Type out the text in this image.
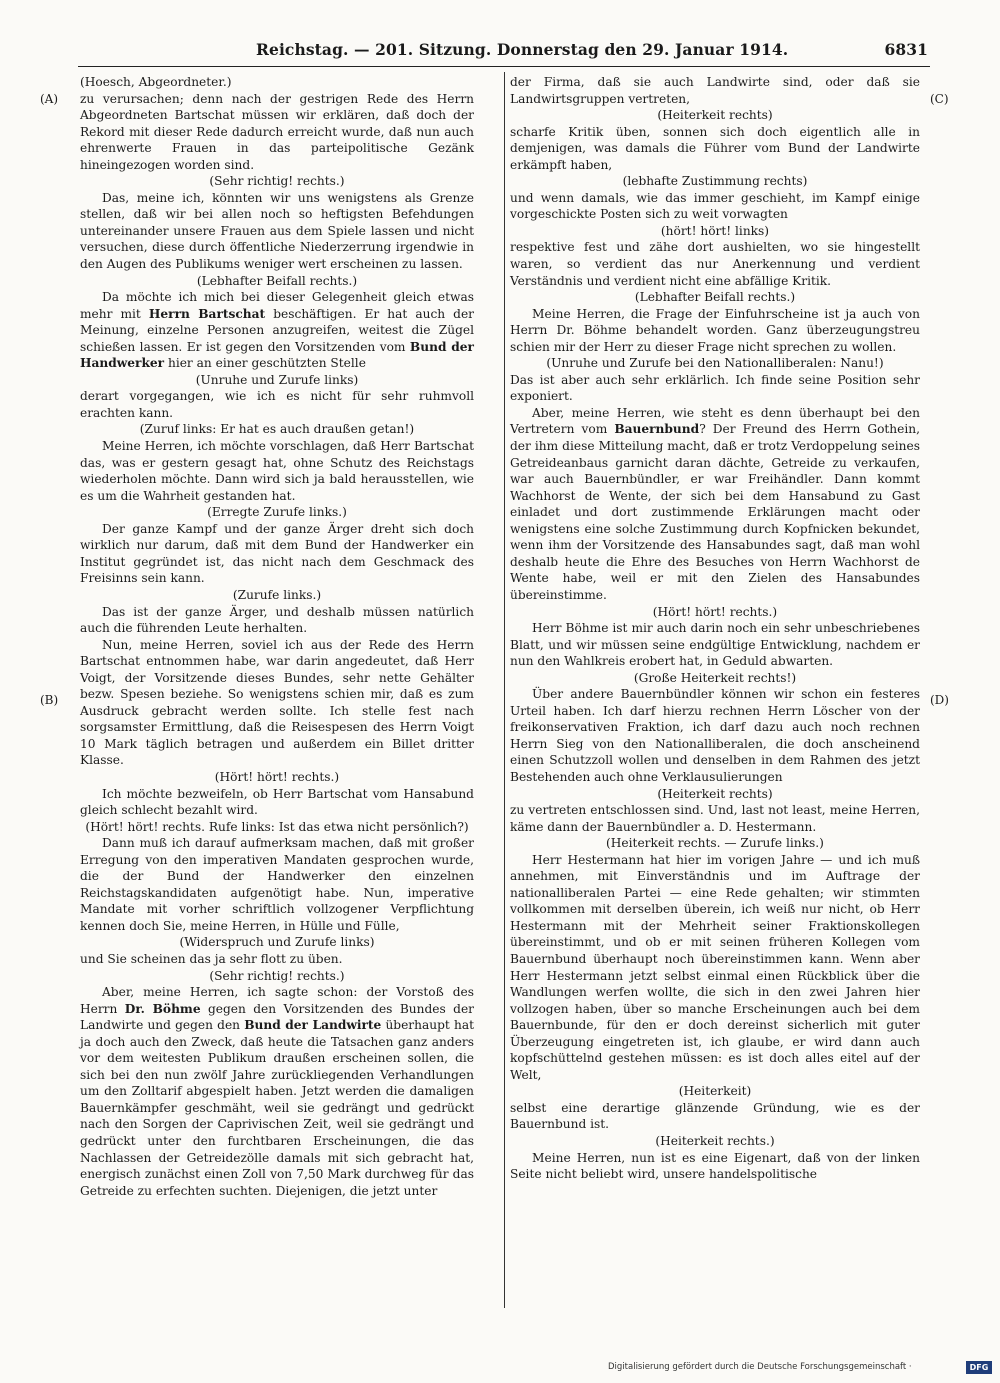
Reichstag. — 201. Sitzung. Donnerstag den 29. Januar 1914.	6831
(A)
(B)
(C)
(D)

(Hoesch, Abgeordneter.)

zu verursachen; denn nach der gestrigen Rede des Herrn Abgeordneten Bartschat müssen wir erklären, daß doch der Rekord mit dieser Rede dadurch erreicht wurde, daß nun auch ehrenwerte Frauen in das parteipolitische Gezänk hineingezogen worden sind.

(Sehr richtig! rechts.)

Das, meine ich, könnten wir uns wenigstens als Grenze stellen, daß wir bei allen noch so heftigsten Befehdungen untereinander unsere Frauen aus dem Spiele lassen und nicht versuchen, diese durch öffentliche Niederzerrung irgendwie in den Augen des Publikums weniger wert erscheinen zu lassen.

(Lebhafter Beifall rechts.)

Da möchte ich mich bei dieser Gelegenheit gleich etwas mehr mit Herrn Bartschat beschäftigen. Er hat auch der Meinung, einzelne Personen anzugreifen, weitest die Zügel schießen lassen. Er ist gegen den Vorsitzenden vom Bund der Handwerker hier an einer geschützten Stelle

(Unruhe und Zurufe links)

derart vorgegangen, wie ich es nicht für sehr ruhmvoll erachten kann.

(Zuruf links: Er hat es auch draußen getan!)

Meine Herren, ich möchte vorschlagen, daß Herr Bartschat das, was er gestern gesagt hat, ohne Schutz des Reichstags wiederholen möchte. Dann wird sich ja bald herausstellen, wie es um die Wahrheit gestanden hat.

(Erregte Zurufe links.)

Der ganze Kampf und der ganze Ärger dreht sich doch wirklich nur darum, daß mit dem Bund der Handwerker ein Institut gegründet ist, das nicht nach dem Geschmack des Freisinns sein kann.

(Zurufe links.)

Das ist der ganze Ärger, und deshalb müssen natürlich auch die führenden Leute herhalten.

Nun, meine Herren, soviel ich aus der Rede des Herrn Bartschat entnommen habe, war darin angedeutet, daß Herr Voigt, der Vorsitzende dieses Bundes, sehr nette Gehälter bezw. Spesen beziehe. So wenigstens schien mir, daß es zum Ausdruck gebracht werden sollte. Ich stelle fest nach sorgsamster Ermittlung, daß die Reisespesen des Herrn Voigt 10 Mark täglich betragen und außerdem ein Billet dritter Klasse.

(Hört! hört! rechts.)

Ich möchte bezweifeln, ob Herr Bartschat vom Hansabund gleich schlecht bezahlt wird.

(Hört! hört! rechts. Rufe links: Ist das etwa nicht persönlich?)

Dann muß ich darauf aufmerksam machen, daß mit großer Erregung von den imperativen Mandaten gesprochen wurde, die der Bund der Handwerker den einzelnen Reichstagskandidaten aufgenötigt habe. Nun, imperative Mandate mit vorher schriftlich vollzogener Verpflichtung kennen doch Sie, meine Herren, in Hülle und Fülle,

(Widerspruch und Zurufe links)

und Sie scheinen das ja sehr flott zu üben.

(Sehr richtig! rechts.)

Aber, meine Herren, ich sagte schon: der Vorstoß des Herrn Dr. Böhme gegen den Vorsitzenden des Bundes der Landwirte und gegen den Bund der Landwirte überhaupt hat ja doch auch den Zweck, daß heute die Tatsachen ganz anders vor dem weitesten Publikum draußen erscheinen sollen, die sich bei den nun zwölf Jahre zurückliegenden Verhandlungen um den Zolltarif abgespielt haben. Jetzt werden die damaligen Bauernkämpfer geschmäht, weil sie gedrängt und gedrückt nach den Sorgen der Caprivischen Zeit, weil sie gedrängt und gedrückt unter den furchtbaren Erscheinungen, die das Nachlassen der Getreidezölle damals mit sich gebracht hat, energisch zunächst einen Zoll von 7,50 Mark durchweg für das Getreide zu erfechten suchten. Diejenigen, die jetzt unter

der Firma, daß sie auch Landwirte sind, oder daß sie Landwirtsgruppen vertreten,

(Heiterkeit rechts)

scharfe Kritik üben, sonnen sich doch eigentlich alle in demjenigen, was damals die Führer vom Bund der Landwirte erkämpft haben,

(lebhafte Zustimmung rechts)

und wenn damals, wie das immer geschieht, im Kampf einige vorgeschickte Posten sich zu weit vorwagten

(hört! hört! links)

respektive fest und zähe dort aushielten, wo sie hingestellt waren, so verdient das nur Anerkennung und verdient Verständnis und verdient nicht eine abfällige Kritik.

(Lebhafter Beifall rechts.)

Meine Herren, die Frage der Einfuhrscheine ist ja auch von Herrn Dr. Böhme behandelt worden. Ganz überzeugungstreu schien mir der Herr zu dieser Frage nicht sprechen zu wollen.

(Unruhe und Zurufe bei den Nationalliberalen: Nanu!)

Das ist aber auch sehr erklärlich. Ich finde seine Position sehr exponiert.

Aber, meine Herren, wie steht es denn überhaupt bei den Vertretern vom Bauernbund? Der Freund des Herrn Gothein, der ihm diese Mitteilung macht, daß er trotz Verdoppelung seines Getreideanbaus garnicht daran dächte, Getreide zu verkaufen, war auch Bauernbündler, er war Freihändler. Dann kommt Wachhorst de Wente, der sich bei dem Hansabund zu Gast einladet und dort zustimmende Erklärungen macht oder wenigstens eine solche Zustimmung durch Kopfnicken bekundet, wenn ihm der Vorsitzende des Hansabundes sagt, daß man wohl deshalb heute die Ehre des Besuches von Herrn Wachhorst de Wente habe, weil er mit den Zielen des Hansabundes übereinstimme.

(Hört! hört! rechts.)

Herr Böhme ist mir auch darin noch ein sehr unbeschriebenes Blatt, und wir müssen seine endgültige Entwicklung, nachdem er nun den Wahlkreis erobert hat, in Geduld abwarten.

(Große Heiterkeit rechts!)

Über andere Bauernbündler können wir schon ein festeres Urteil haben. Ich darf hierzu rechnen Herrn Löscher von der freikonservativen Fraktion, ich darf dazu auch noch rechnen Herrn Sieg von den Nationalliberalen, die doch anscheinend einen Schutzzoll wollen und denselben in dem Rahmen des jetzt Bestehenden auch ohne Verklausulierungen

(Heiterkeit rechts)

zu vertreten entschlossen sind. Und, last not least, meine Herren, käme dann der Bauernbündler a. D. Hestermann.

(Heiterkeit rechts. — Zurufe links.)

Herr Hestermann hat hier im vorigen Jahre — und ich muß annehmen, mit Einverständnis und im Auftrage der nationalliberalen Partei — eine Rede gehalten; wir stimmten vollkommen mit derselben überein, ich weiß nur nicht, ob Herr Hestermann mit der Mehrheit seiner Fraktionskollegen übereinstimmt, und ob er mit seinen früheren Kollegen vom Bauernbund überhaupt noch übereinstimmen kann. Wenn aber Herr Hestermann jetzt selbst einmal einen Rückblick über die Wandlungen werfen wollte, die sich in den zwei Jahren hier vollzogen haben, über so manche Erscheinungen auch bei dem Bauernbunde, für den er doch dereinst sicherlich mit guter Überzeugung eingetreten ist, ich glaube, er wird dann auch kopfschüttelnd gestehen müssen: es ist doch alles eitel auf der Welt,

(Heiterkeit)

selbst eine derartige glänzende Gründung, wie es der Bauernbund ist.

(Heiterkeit rechts.)

Meine Herren, nun ist es eine Eigenart, daß von der linken Seite nicht beliebt wird, unsere handelspolitische

Digitalisierung gefördert durch die Deutsche Forschungsgemeinschaft ·	DFG
